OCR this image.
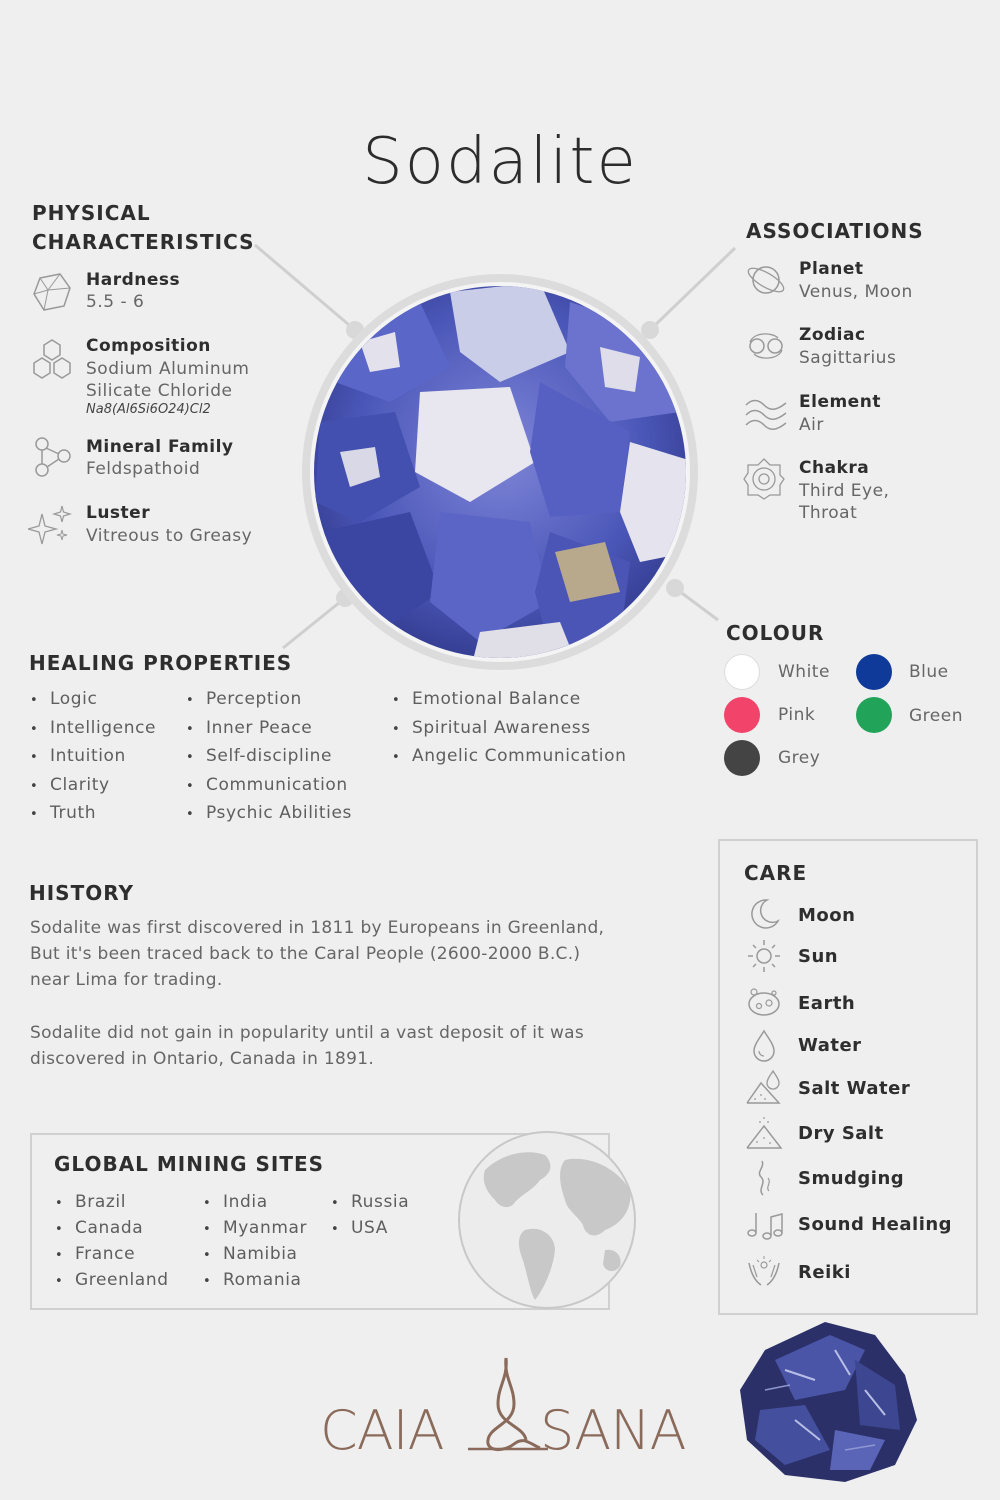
Sodalite
PHYSICAL
CHARACTERISTICS
Hardness
5.5 - 6
Composition
Sodium Aluminum
Silicate Chloride
Na8(Al6Si6O24)Cl2
Mineral Family
Feldspathoid
Luster
Vitreous to Greasy
ASSOCIATIONS
Planet
Venus, Moon
Zodiac
Sagittarius
Element
Air
Chakra
Third Eye,
Throat
COLOUR
White	Blue
Pink	Green
Grey
HEALING PROPERTIES
• Logic
• Intelligence
• Intuition
• Clarity
• Truth
• Perception
• Inner Peace
• Self-discipline
• Communication
• Psychic Abilities
• Emotional Balance
• Spiritual Awareness
• Angelic Communication
HISTORY
Sodalite was first discovered in 1811 by Europeans in Greenland,
But it's been traced back to the Caral People (2600-2000 B.C.)
near Lima for trading.
Sodalite did not gain in popularity until a vast deposit of it was
discovered in Ontario, Canada in 1891.
GLOBAL MINING SITES
• Brazil
• Canada
• France
• Greenland
• India
• Myanmar
• Namibia
• Romania
• Russia
• USA
CARE
Moon
Sun
Earth
Water
Salt Water
Dry Salt
Smudging
Sound Healing
Reiki
CAIA SANA
